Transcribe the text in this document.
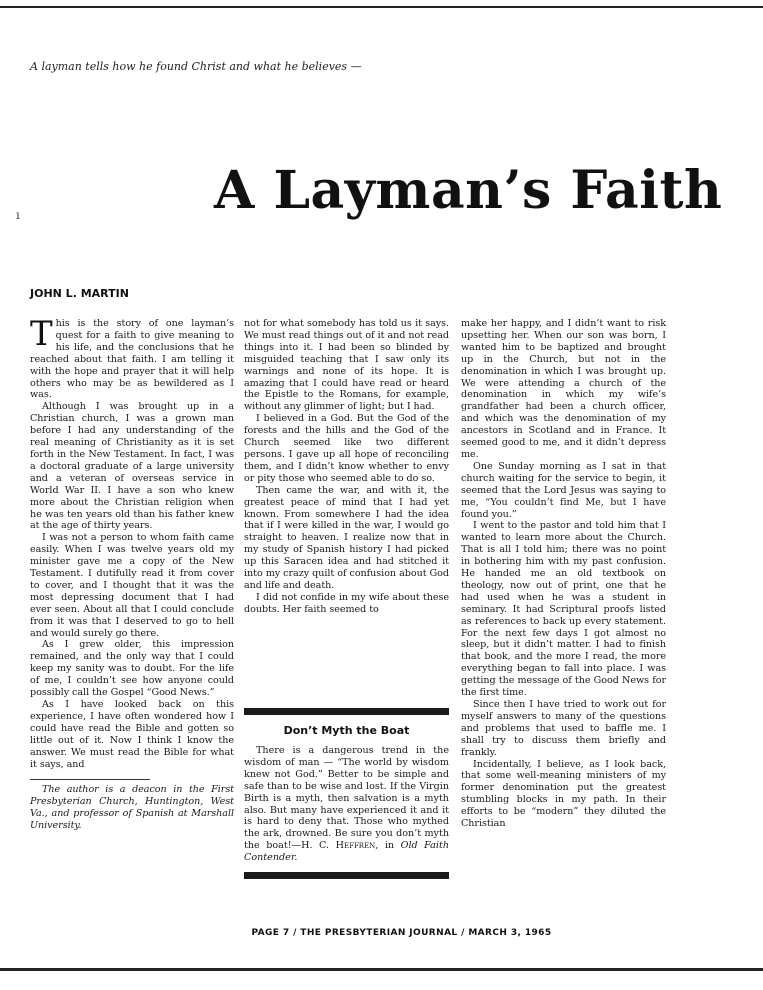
A layman tells how he found Christ and what he believes —
ı	A Layman’s Faith
JOHN L. MARTIN

This is the story of one layman’s quest for a faith to give meaning to his life, and the conclusions that he reached about that faith. I am telling it with the hope and prayer that it will help others who may be as bewildered as I was.

Although I was brought up in a Christian church, I was a grown man before I had any understanding of the real meaning of Christianity as it is set forth in the New Testament. In fact, I was a doctoral graduate of a large university and a veteran of overseas service in World War II. I have a son who knew more about the Christian religion when he was ten years old than his father knew at the age of thirty years.

I was not a person to whom faith came easily. When I was twelve years old my minister gave me a copy of the New Testament. I dutifully read it from cover to cover, and I thought that it was the most depressing document that I had ever seen. About all that I could conclude from it was that I deserved to go to hell and would surely go there.

As I grew older, this impression remained, and the only way that I could keep my sanity was to doubt. For the life of me, I couldn’t see how anyone could possibly call the Gospel “Good News.”

As I have looked back on this experience, I have often wondered how I could have read the Bible and gotten so little out of it. Now I think I know the answer. We must read the Bible for what it says, and

The author is a deacon in the First Presbyterian Church, Huntington, West Va., and professor of Spanish at Marshall University.

not for what somebody has told us it says. We must read things out of it and not read things into it. I had been so blinded by misguided teaching that I saw only its warnings and none of its hope. It is amazing that I could have read or heard the Epistle to the Romans, for example, without any glimmer of light; but I had.

I believed in a God. But the God of the forests and the hills and the God of the Church seemed like two different persons. I gave up all hope of reconciling them, and I didn’t know whether to envy or pity those who seemed able to do so.

Then came the war, and with it, the greatest peace of mind that I had yet known. From somewhere I had the idea that if I were killed in the war, I would go straight to heaven. I realize now that in my study of Spanish history I had picked up this Saracen idea and had stitched it into my crazy quilt of confusion about God and life and death.

I did not confide in my wife about these doubts. Her faith seemed to

Don’t Myth the Boat
There is a dangerous trend in the wisdom of man — “The world by wisdom knew not God.” Better to be simple and safe than to be wise and lost. If the Virgin Birth is a myth, then salvation is a myth also. But many have experienced it and it is hard to deny that. Those who mythed the ark, drowned. Be sure you don’t myth the boat!—H. C. Heffren, in Old Faith Contender.

make her happy, and I didn’t want to risk upsetting her. When our son was born, I wanted him to be baptized and brought up in the Church, but not in the denomination in which I was brought up. We were attending a church of the denomination in which my wife’s grandfather had been a church officer, and which was the denomination of my ancestors in Scotland and in France. It seemed good to me, and it didn’t depress me.

One Sunday morning as I sat in that church waiting for the service to begin, it seemed that the Lord Jesus was saying to me, “You couldn’t find Me, but I have found you.”

I went to the pastor and told him that I wanted to learn more about the Church. That is all I told him; there was no point in bothering him with my past confusion. He handed me an old textbook on theology, now out of print, one that he had used when he was a student in seminary. It had Scriptural proofs listed as references to back up every statement. For the next few days I got almost no sleep, but it didn’t matter. I had to finish that book, and the more I read, the more everything began to fall into place. I was getting the message of the Good News for the first time.

Since then I have tried to work out for myself answers to many of the questions and problems that used to baffle me. I shall try to discuss them briefly and frankly.

Incidentally, I believe, as I look back, that some well-meaning ministers of my former denomination put the greatest stumbling blocks in my path. In their efforts to be “modern” they diluted the Christian

PAGE 7 / THE PRESBYTERIAN JOURNAL / MARCH 3, 1965
